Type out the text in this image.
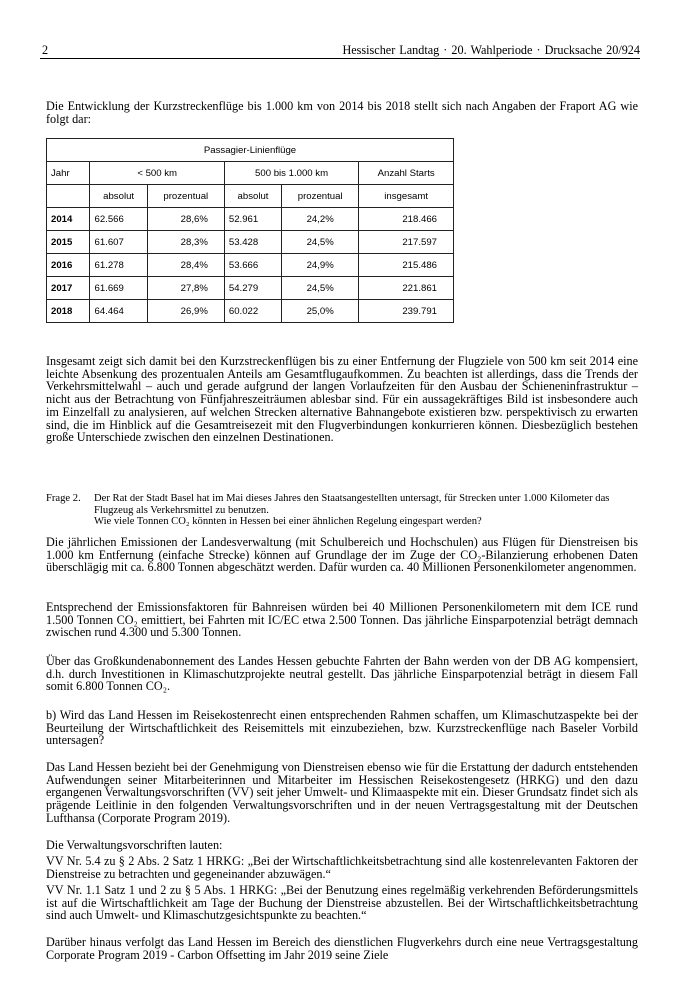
2	Hessischer Landtag · 20. Wahlperiode · Drucksache 20/924

Die Entwicklung der Kurzstreckenflüge bis 1.000 km von 2014 bis 2018 stellt sich nach Angaben der Fraport AG wie folgt dar:

Passagier-Linienflüge					
Jahr	< 500 km		500 bis 1.000 km		Anzahl Starts
	absolut	prozentual	absolut	prozentual	insgesamt
2014	62.566	28,6%	52.961	24,2%	218.466
2015	61.607	28,3%	53.428	24,5%	217.597
2016	61.278	28,4%	53.666	24,9%	215.486
2017	61.669	27,8%	54.279	24,5%	221.861
2018	64.464	26,9%	60.022	25,0%	239.791

Insgesamt zeigt sich damit bei den Kurzstreckenflügen bis zu einer Entfernung der Flugziele von 500 km seit 2014 eine leichte Absenkung des prozentualen Anteils am Gesamtflugaufkommen. Zu beachten ist allerdings, dass die Trends der Verkehrsmittelwahl – auch und gerade aufgrund der langen Vorlaufzeiten für den Ausbau der Schieneninfrastruktur – nicht aus der Betrachtung von Fünfjahreszeiträumen ablesbar sind. Für ein aussagekräftiges Bild ist insbesondere auch im Einzelfall zu analysieren, auf welchen Strecken alternative Bahnangebote existieren bzw. perspektivisch zu erwarten sind, die im Hinblick auf die Gesamtreisezeit mit den Flugverbindungen konkurrieren können. Diesbezüglich bestehen große Unterschiede zwischen den einzelnen Destinationen.

Frage 2. Der Rat der Stadt Basel hat im Mai dieses Jahres den Staatsangestellten untersagt, für Strecken unter 1.000 Kilometer das Flugzeug als Verkehrsmittel zu benutzen.
Wie viele Tonnen CO₂ könnten in Hessen bei einer ähnlichen Regelung eingespart werden?

Die jährlichen Emissionen der Landesverwaltung (mit Schulbereich und Hochschulen) aus Flügen für Dienstreisen bis 1.000 km Entfernung (einfache Strecke) können auf Grundlage der im Zuge der CO₂-Bilanzierung erhobenen Daten überschlägig mit ca. 6.800 Tonnen abgeschätzt werden. Dafür wurden ca. 40 Millionen Personenkilometer angenommen.

Entsprechend der Emissionsfaktoren für Bahnreisen würden bei 40 Millionen Personenkilometern mit dem ICE rund 1.500 Tonnen CO₂ emittiert, bei Fahrten mit IC/EC etwa 2.500 Tonnen. Das jährliche Einsparpotenzial beträgt demnach zwischen rund 4.300 und 5.300 Tonnen.

Über das Großkundenabonnement des Landes Hessen gebuchte Fahrten der Bahn werden von der DB AG kompensiert, d.h. durch Investitionen in Klimaschutzprojekte neutral gestellt. Das jährliche Einsparpotenzial beträgt in diesem Fall somit 6.800 Tonnen CO₂.

b) Wird das Land Hessen im Reisekostenrecht einen entsprechenden Rahmen schaffen, um Klimaschutzaspekte bei der Beurteilung der Wirtschaftlichkeit des Reisemittels mit einzubeziehen, bzw. Kurzstreckenflüge nach Baseler Vorbild untersagen?

Das Land Hessen bezieht bei der Genehmigung von Dienstreisen ebenso wie für die Erstattung der dadurch entstehenden Aufwendungen seiner Mitarbeiterinnen und Mitarbeiter im Hessischen Reisekostengesetz (HRKG) und den dazu ergangenen Verwaltungsvorschriften (VV) seit jeher Umwelt- und Klimaaspekte mit ein. Dieser Grundsatz findet sich als prägende Leitlinie in den folgenden Verwaltungsvorschriften und in der neuen Vertragsgestaltung mit der Deutschen Lufthansa (Corporate Program 2019).

Die Verwaltungsvorschriften lauten:

VV Nr. 5.4 zu § 2 Abs. 2 Satz 1 HRKG: „Bei der Wirtschaftlichkeitsbetrachtung sind alle kostenrelevanten Faktoren der Dienstreise zu betrachten und gegeneinander abzuwägen.“

VV Nr. 1.1 Satz 1 und 2 zu § 5 Abs. 1 HRKG: „Bei der Benutzung eines regelmäßig verkehrenden Beförderungsmittels ist auf die Wirtschaftlichkeit am Tage der Buchung der Dienstreise abzustellen. Bei der Wirtschaftlichkeitsbetrachtung sind auch Umwelt- und Klimaschutzgesichtspunkte zu beachten.“

Darüber hinaus verfolgt das Land Hessen im Bereich des dienstlichen Flugverkehrs durch eine neue Vertragsgestaltung Corporate Program 2019 - Carbon Offsetting im Jahr 2019 seine Ziele
